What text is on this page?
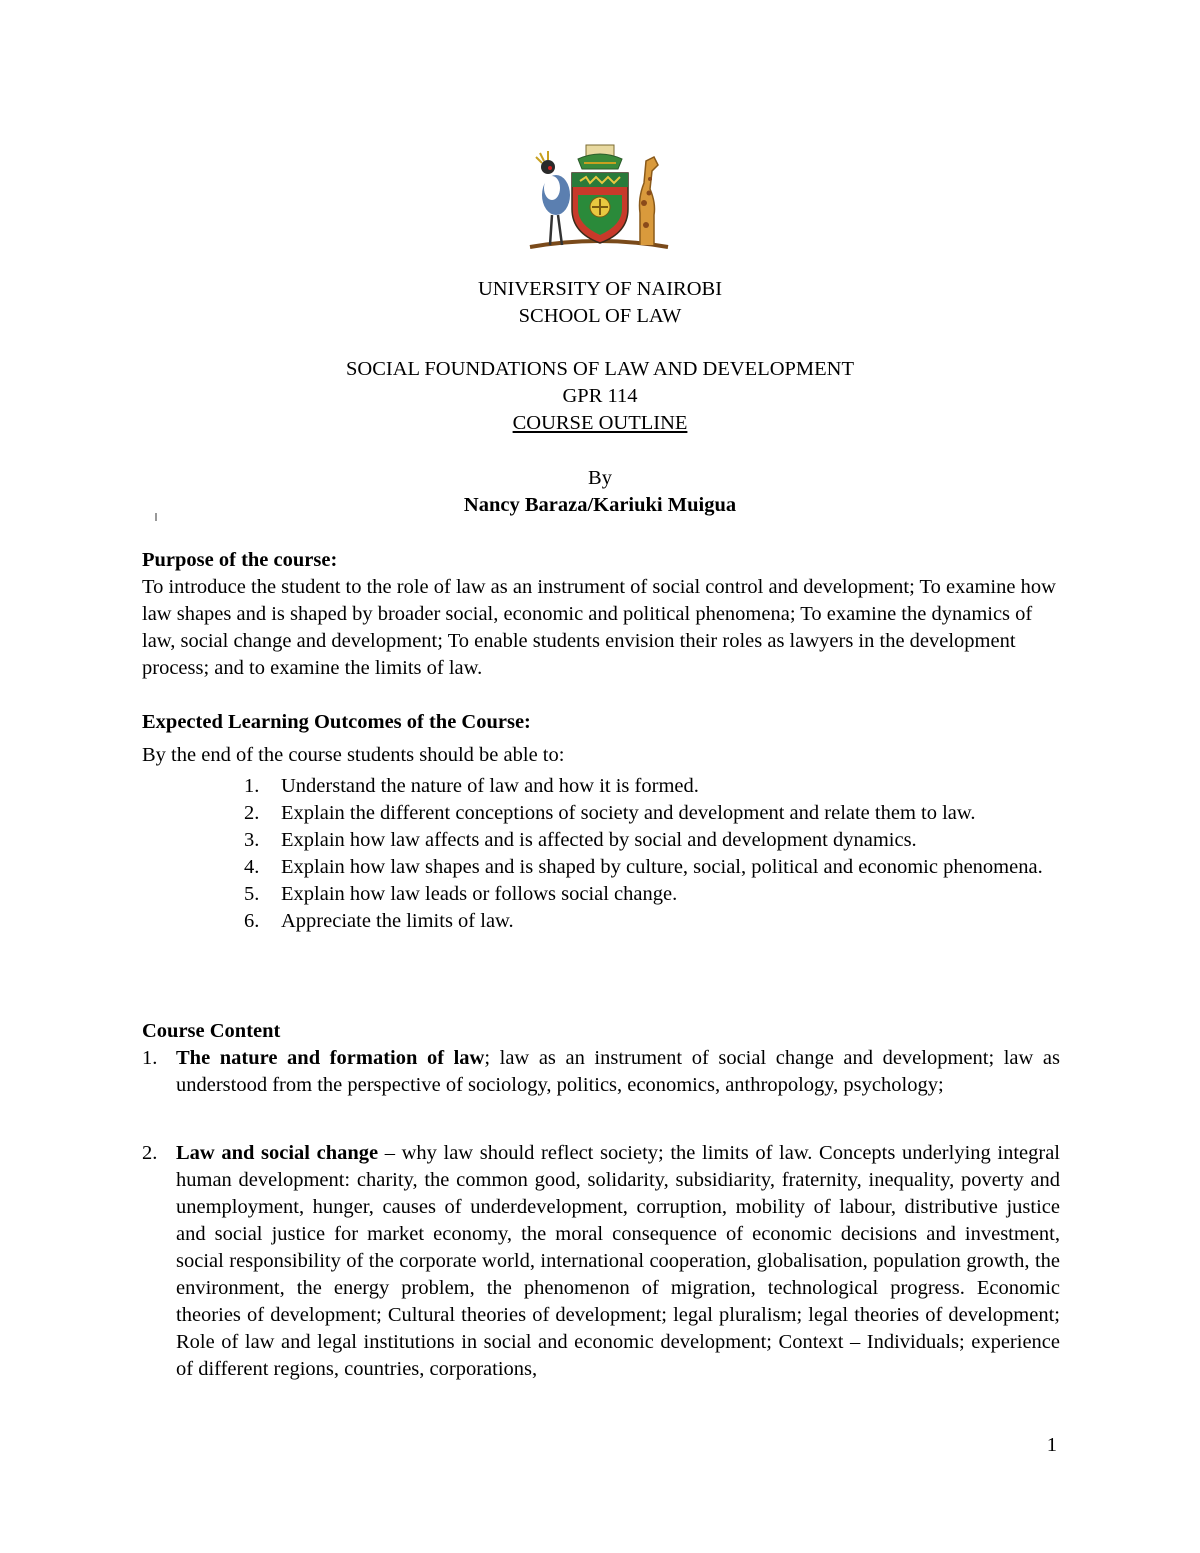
UNIVERSITY OF NAIROBI
SCHOOL OF LAW
SOCIAL FOUNDATIONS OF LAW AND DEVELOPMENT
GPR 114
COURSE OUTLINE
By
Nancy Baraza/Kariuki Muigua
Purpose of the course:
To introduce the student to the role of law as an instrument of social control and development; To examine how law shapes and is shaped by broader social, economic and political phenomena; To examine the dynamics of law, social change and development; To enable students envision their roles as lawyers in the development process; and to examine the limits of law.
Expected Learning Outcomes of the Course:
By the end of the course students should be able to:
1. Understand the nature of law and how it is formed.
2. Explain the different conceptions of society and development and relate them to law.
3. Explain how law affects and is affected by social and development dynamics.
4. Explain how law shapes and is shaped by culture, social, political and economic phenomena.
5. Explain how law leads or follows social change.
6. Appreciate the limits of law.
Course Content
1. The nature and formation of law; law as an instrument of social change and development; law as understood from the perspective of sociology, politics, economics, anthropology, psychology;
2. Law and social change – why law should reflect society; the limits of law. Concepts underlying integral human development: charity, the common good, solidarity, subsidiarity, fraternity, inequality, poverty and unemployment, hunger, causes of underdevelopment, corruption, mobility of labour, distributive justice and social justice for market economy, the moral consequence of economic decisions and investment, social responsibility of the corporate world, international cooperation, globalisation, population growth, the environment, the energy problem, the phenomenon of migration, technological progress. Economic theories of development; Cultural theories of development; legal pluralism; legal theories of development; Role of law and legal institutions in social and economic development; Context – Individuals; experience of different regions, countries, corporations,
1
